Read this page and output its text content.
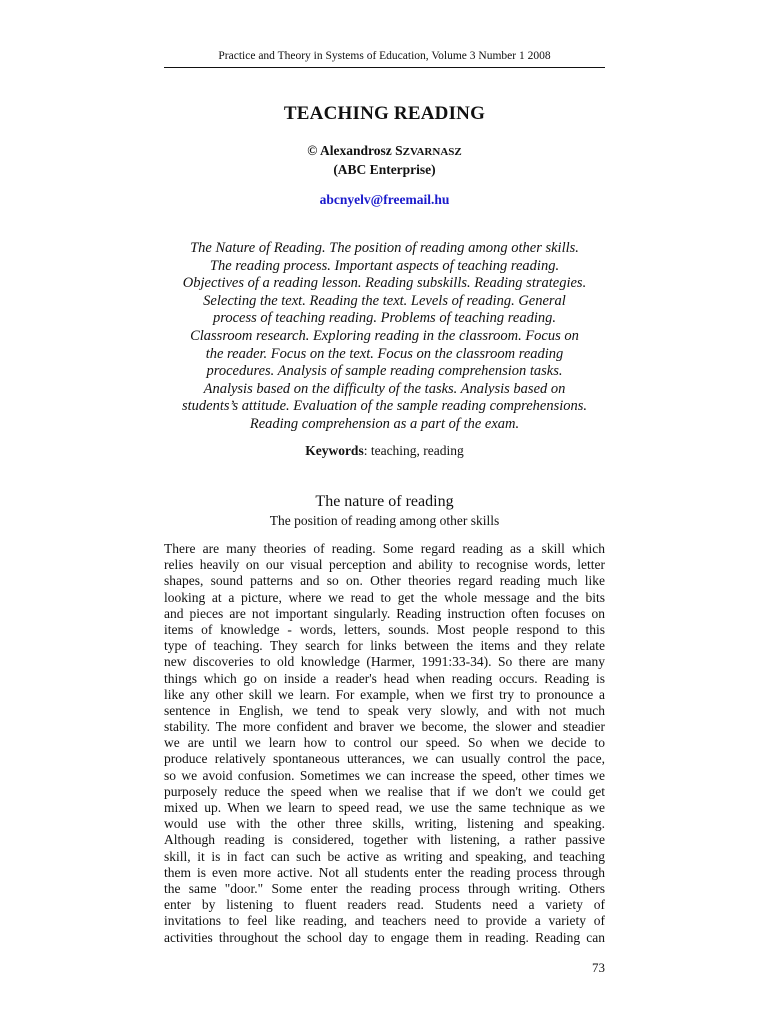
Practice and Theory in Systems of Education, Volume 3 Number 1 2008
TEACHING READING
© Alexandrosz SZVARNASZ
(ABC Enterprise)
abcnyelv@freemail.hu
The Nature of Reading. The position of reading among other skills.
The reading process. Important aspects of teaching reading.
Objectives of a reading lesson. Reading subskills. Reading strategies.
Selecting the text. Reading the text. Levels of reading. General
process of teaching reading. Problems of teaching reading.
Classroom research. Exploring reading in the classroom. Focus on
the reader. Focus on the text. Focus on the classroom reading
procedures. Analysis of sample reading comprehension tasks.
Analysis based on the difficulty of the tasks. Analysis based on
students’s attitude. Evaluation of the sample reading comprehensions.
Reading comprehension as a part of the exam.
Keywords: teaching, reading
The nature of reading
The position of reading among other skills
There are many theories of reading. Some regard reading as a skill which
relies heavily on our visual perception and ability to recognise words, letter
shapes, sound patterns and so on. Other theories regard reading much like
looking at a picture, where we read to get the whole message and the bits
and pieces are not important singularly. Reading instruction often focuses on
items of knowledge - words, letters, sounds. Most people respond to this
type of teaching. They search for links between the items and they relate
new discoveries to old knowledge (Harmer, 1991:33-34). So there are many
things which go on inside a reader's head when reading occurs. Reading is
like any other skill we learn. For example, when we first try to pronounce a
sentence in English, we tend to speak very slowly, and with not much
stability. The more confident and braver we become, the slower and steadier
we are until we learn how to control our speed. So when we decide to
produce relatively spontaneous utterances, we can usually control the pace,
so we avoid confusion. Sometimes we can increase the speed, other times we
purposely reduce the speed when we realise that if we don't we could get
mixed up. When we learn to speed read, we use the same technique as we
would use with the other three skills, writing, listening and speaking.
Although reading is considered, together with listening, a rather passive
skill, it is in fact can such be active as writing and speaking, and teaching
them is even more active. Not all students enter the reading process through
the same "door." Some enter the reading process through writing. Others
enter by listening to fluent readers read. Students need a variety of
invitations to feel like reading, and teachers need to provide a variety of
activities throughout the school day to engage them in reading. Reading can
73
